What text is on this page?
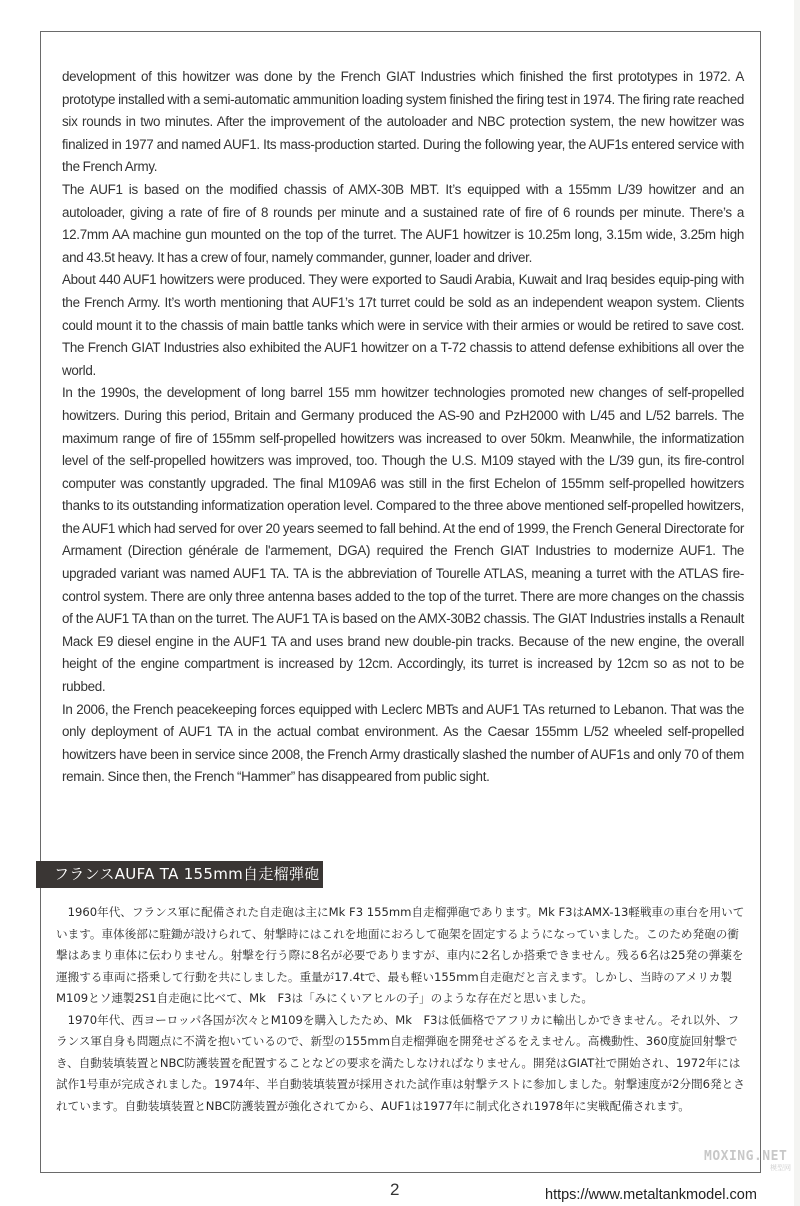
development of this howitzer was done by the French GIAT Industries which finished the first prototypes in 1972. A prototype installed with a semi-automatic ammunition loading system finished the firing test in 1974. The firing rate reached six rounds in two minutes. After the improvement of the autoloader and NBC protection system, the new howitzer was finalized in 1977 and named AUF1. Its mass-production started. During the following year, the AUF1s entered service with the French Army.

The AUF1 is based on the modified chassis of AMX-30B MBT. It’s equipped with a 155mm L/39 howitzer and an autoloader, giving a rate of fire of 8 rounds per minute and a sustained rate of fire of 6 rounds per minute. There’s a 12.7mm AA machine gun mounted on the top of the turret. The AUF1 howitzer is 10.25m long, 3.15m wide, 3.25m high and 43.5t heavy. It has a crew of four, namely commander, gunner, loader and driver.

About 440 AUF1 howitzers were produced. They were exported to Saudi Arabia, Kuwait and Iraq besides equip-ping with the French Army. It’s worth mentioning that AUF1’s 17t turret could be sold as an independent weapon system. Clients could mount it to the chassis of main battle tanks which were in service with their armies or would be retired to save cost. The French GIAT Industries also exhibited the AUF1 howitzer on a T-72 chassis to attend defense exhibitions all over the world.

In the 1990s, the development of long barrel 155 mm howitzer technologies promoted new changes of self-propelled howitzers. During this period, Britain and Germany produced the AS-90 and PzH2000 with L/45 and L/52 barrels. The maximum range of fire of 155mm self-propelled howitzers was increased to over 50km. Meanwhile, the informatization level of the self-propelled howitzers was improved, too. Though the U.S. M109 stayed with the L/39 gun, its fire-control computer was constantly upgraded. The final M109A6 was still in the first Echelon of 155mm self-propelled howitzers thanks to its outstanding informatization operation level. Compared to the three above mentioned self-propelled howitzers, the AUF1 which had served for over 20 years seemed to fall behind. At the end of 1999, the French General Directorate for Armament (Direction générale de l'armement, DGA) required the French GIAT Industries to modernize AUF1. The upgraded variant was named AUF1 TA. TA is the abbreviation of Tourelle ATLAS, meaning a turret with the ATLAS fire-control system. There are only three antenna bases added to the top of the turret. There are more changes on the chassis of the AUF1 TA than on the turret. The AUF1 TA is based on the AMX-30B2 chassis. The GIAT Industries installs a Renault Mack E9 diesel engine in the AUF1 TA and uses brand new double-pin tracks. Because of the new engine, the overall height of the engine compartment is increased by 12cm. Accordingly, its turret is increased by 12cm so as not to be rubbed.

In 2006, the French peacekeeping forces equipped with Leclerc MBTs and AUF1 TAs returned to Lebanon. That was the only deployment of AUF1 TA in the actual combat environment. As the Caesar 155mm L/52 wheeled self-propelled howitzers have been in service since 2008, the French Army drastically slashed the number of AUF1s and only 70 of them remain. Since then, the French “Hammer” has disappeared from public sight.

フランスAUFA TA 155mm自走榴弾砲

1960年代、フランス軍に配備された自走砲は主にMk F3 155mm自走榴弾砲であります。Mk F3はAMX-13軽戦車の車台を用いています。車体後部に駐鋤が設けられて、射撃時にはこれを地面におろして砲架を固定するようになっていました。このため発砲の衝撃はあまり車体に伝わりません。射撃を行う際に8名が必要でありますが、車内に2名しか搭乗できません。残る6名は25発の弾薬を運搬する車両に搭乗して行動を共にしました。重量が17.4tで、最も軽い155mm自走砲だと言えます。しかし、当時のアメリカ製M109とソ連製2S1自走砲に比べて、Mk　F3は「みにくいアヒルの子」のような存在だと思いました。

1970年代、西ヨーロッパ各国が次々とM109を購入したため、Mk　F3は低価格でアフリカに輸出しかできません。それ以外、フランス軍自身も問題点に不満を抱いているので、新型の155mm自走榴弾砲を開発せざるをえません。高機動性、360度旋回射撃でき、自動装填装置とNBC防護装置を配置することなどの要求を満たしなければなりません。開発はGIAT社で開始され、1972年には試作1号車が完成されました。1974年、半自動装填装置が採用された試作車は射撃テストに参加しました。射撃速度が2分間6発とされています。自動装填装置とNBC防護装置が強化されてから、AUF1は1977年に制式化され1978年に実戦配備されます。

MOXING.NET
模型网
2	https://www.metaltankmodel.com
